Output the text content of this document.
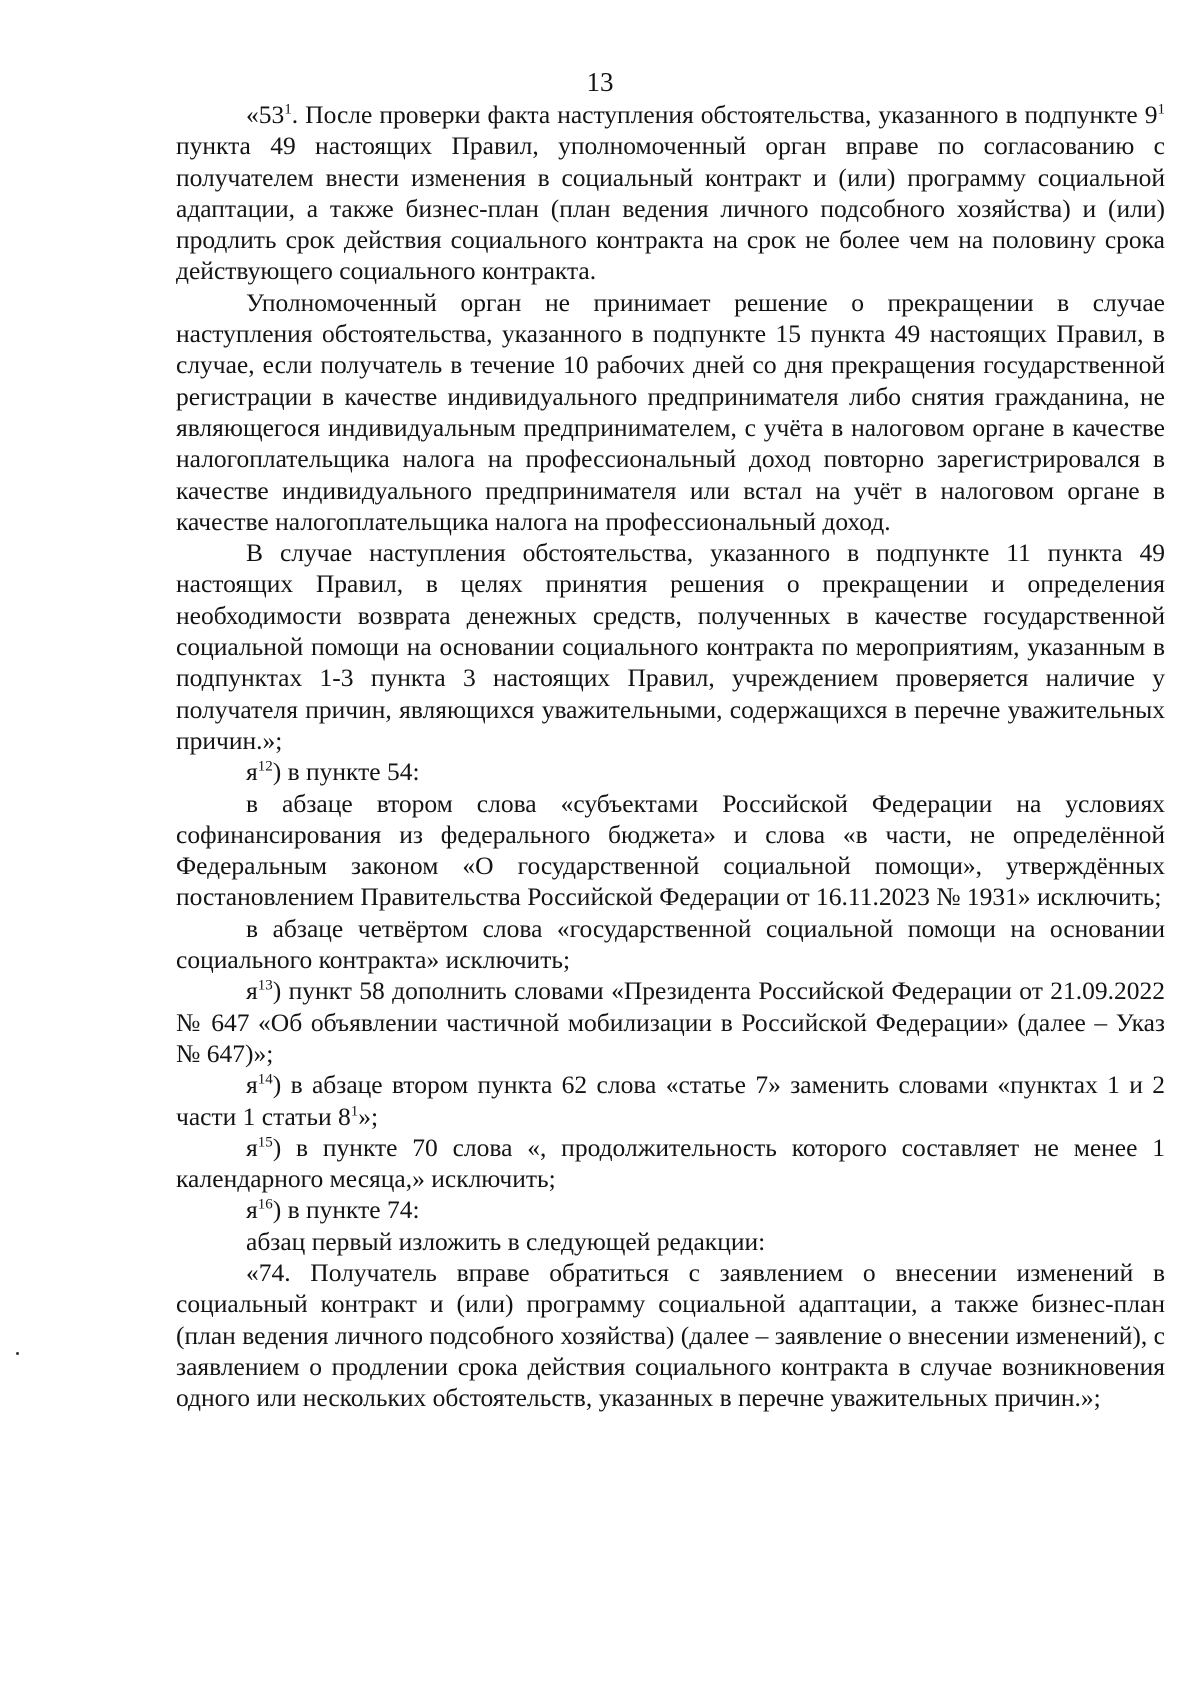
13

«$53^1$. После проверки факта наступления обстоятельства, указанного в подпункте $9^1$ пункта 49 настоящих Правил, уполномоченный орган вправе по согласованию с получателем внести изменения в социальный контракт и (или) программу социальной адаптации, а также бизнес-план (план ведения личного подсобного хозяйства) и (или) продлить срок действия социального контракта на срок не более чем на половину срока действующего социального контракта.

Уполномоченный орган не принимает решение о прекращении в случае наступления обстоятельства, указанного в подпункте 15 пункта 49 настоящих Правил, в случае, если получатель в течение 10 рабочих дней со дня прекращения государственной регистрации в качестве индивидуального предпринимателя либо снятия гражданина, не являющегося индивидуальным предпринимателем, с учёта в налоговом органе в качестве налогоплательщика налога на профессиональный доход повторно зарегистрировался в качестве индивидуального предпринимателя или встал на учёт в налоговом органе в качестве налогоплательщика налога на профессиональный доход.

В случае наступления обстоятельства, указанного в подпункте 11 пункта 49 настоящих Правил, в целях принятия решения о прекращении и определения необходимости возврата денежных средств, полученных в качестве государственной социальной помощи на основании социального контракта по мероприятиям, указанным в подпунктах 1-3 пункта 3 настоящих Правил, учреждением проверяется наличие у получателя причин, являющихся уважительными, содержащихся в перечне уважительных причин.»;

$я^{12}$) в пункте 54:

в абзаце втором слова «субъектами Российской Федерации на условиях софинансирования из федерального бюджета» и слова «в части, не определённой Федеральным законом «О государственной социальной помощи», утверждённых постановлением Правительства Российской Федерации от 16.11.2023 № 1931» исключить;

в абзаце четвёртом слова «государственной социальной помощи на основании социального контракта» исключить;

$я^{13}$) пункт 58 дополнить словами «Президента Российской Федерации от 21.09.2022 № 647 «Об объявлении частичной мобилизации в Российской Федерации» (далее – Указ № 647)»;

$я^{14}$) в абзаце втором пункта 62 слова «статье 7» заменить словами «пунктах 1 и 2 части 1 статьи $8^1$»;

$я^{15}$) в пункте 70 слова «, продолжительность которого составляет не менее 1 календарного месяца,» исключить;

$я^{16}$) в пункте 74:

абзац первый изложить в следующей редакции:

«74. Получатель вправе обратиться с заявлением о внесении изменений в социальный контракт и (или) программу социальной адаптации, а также бизнес-план (план ведения личного подсобного хозяйства) (далее – заявление о внесении изменений), с заявлением о продлении срока действия социального контракта в случае возникновения одного или нескольких обстоятельств, указанных в перечне уважительных причин.»;
